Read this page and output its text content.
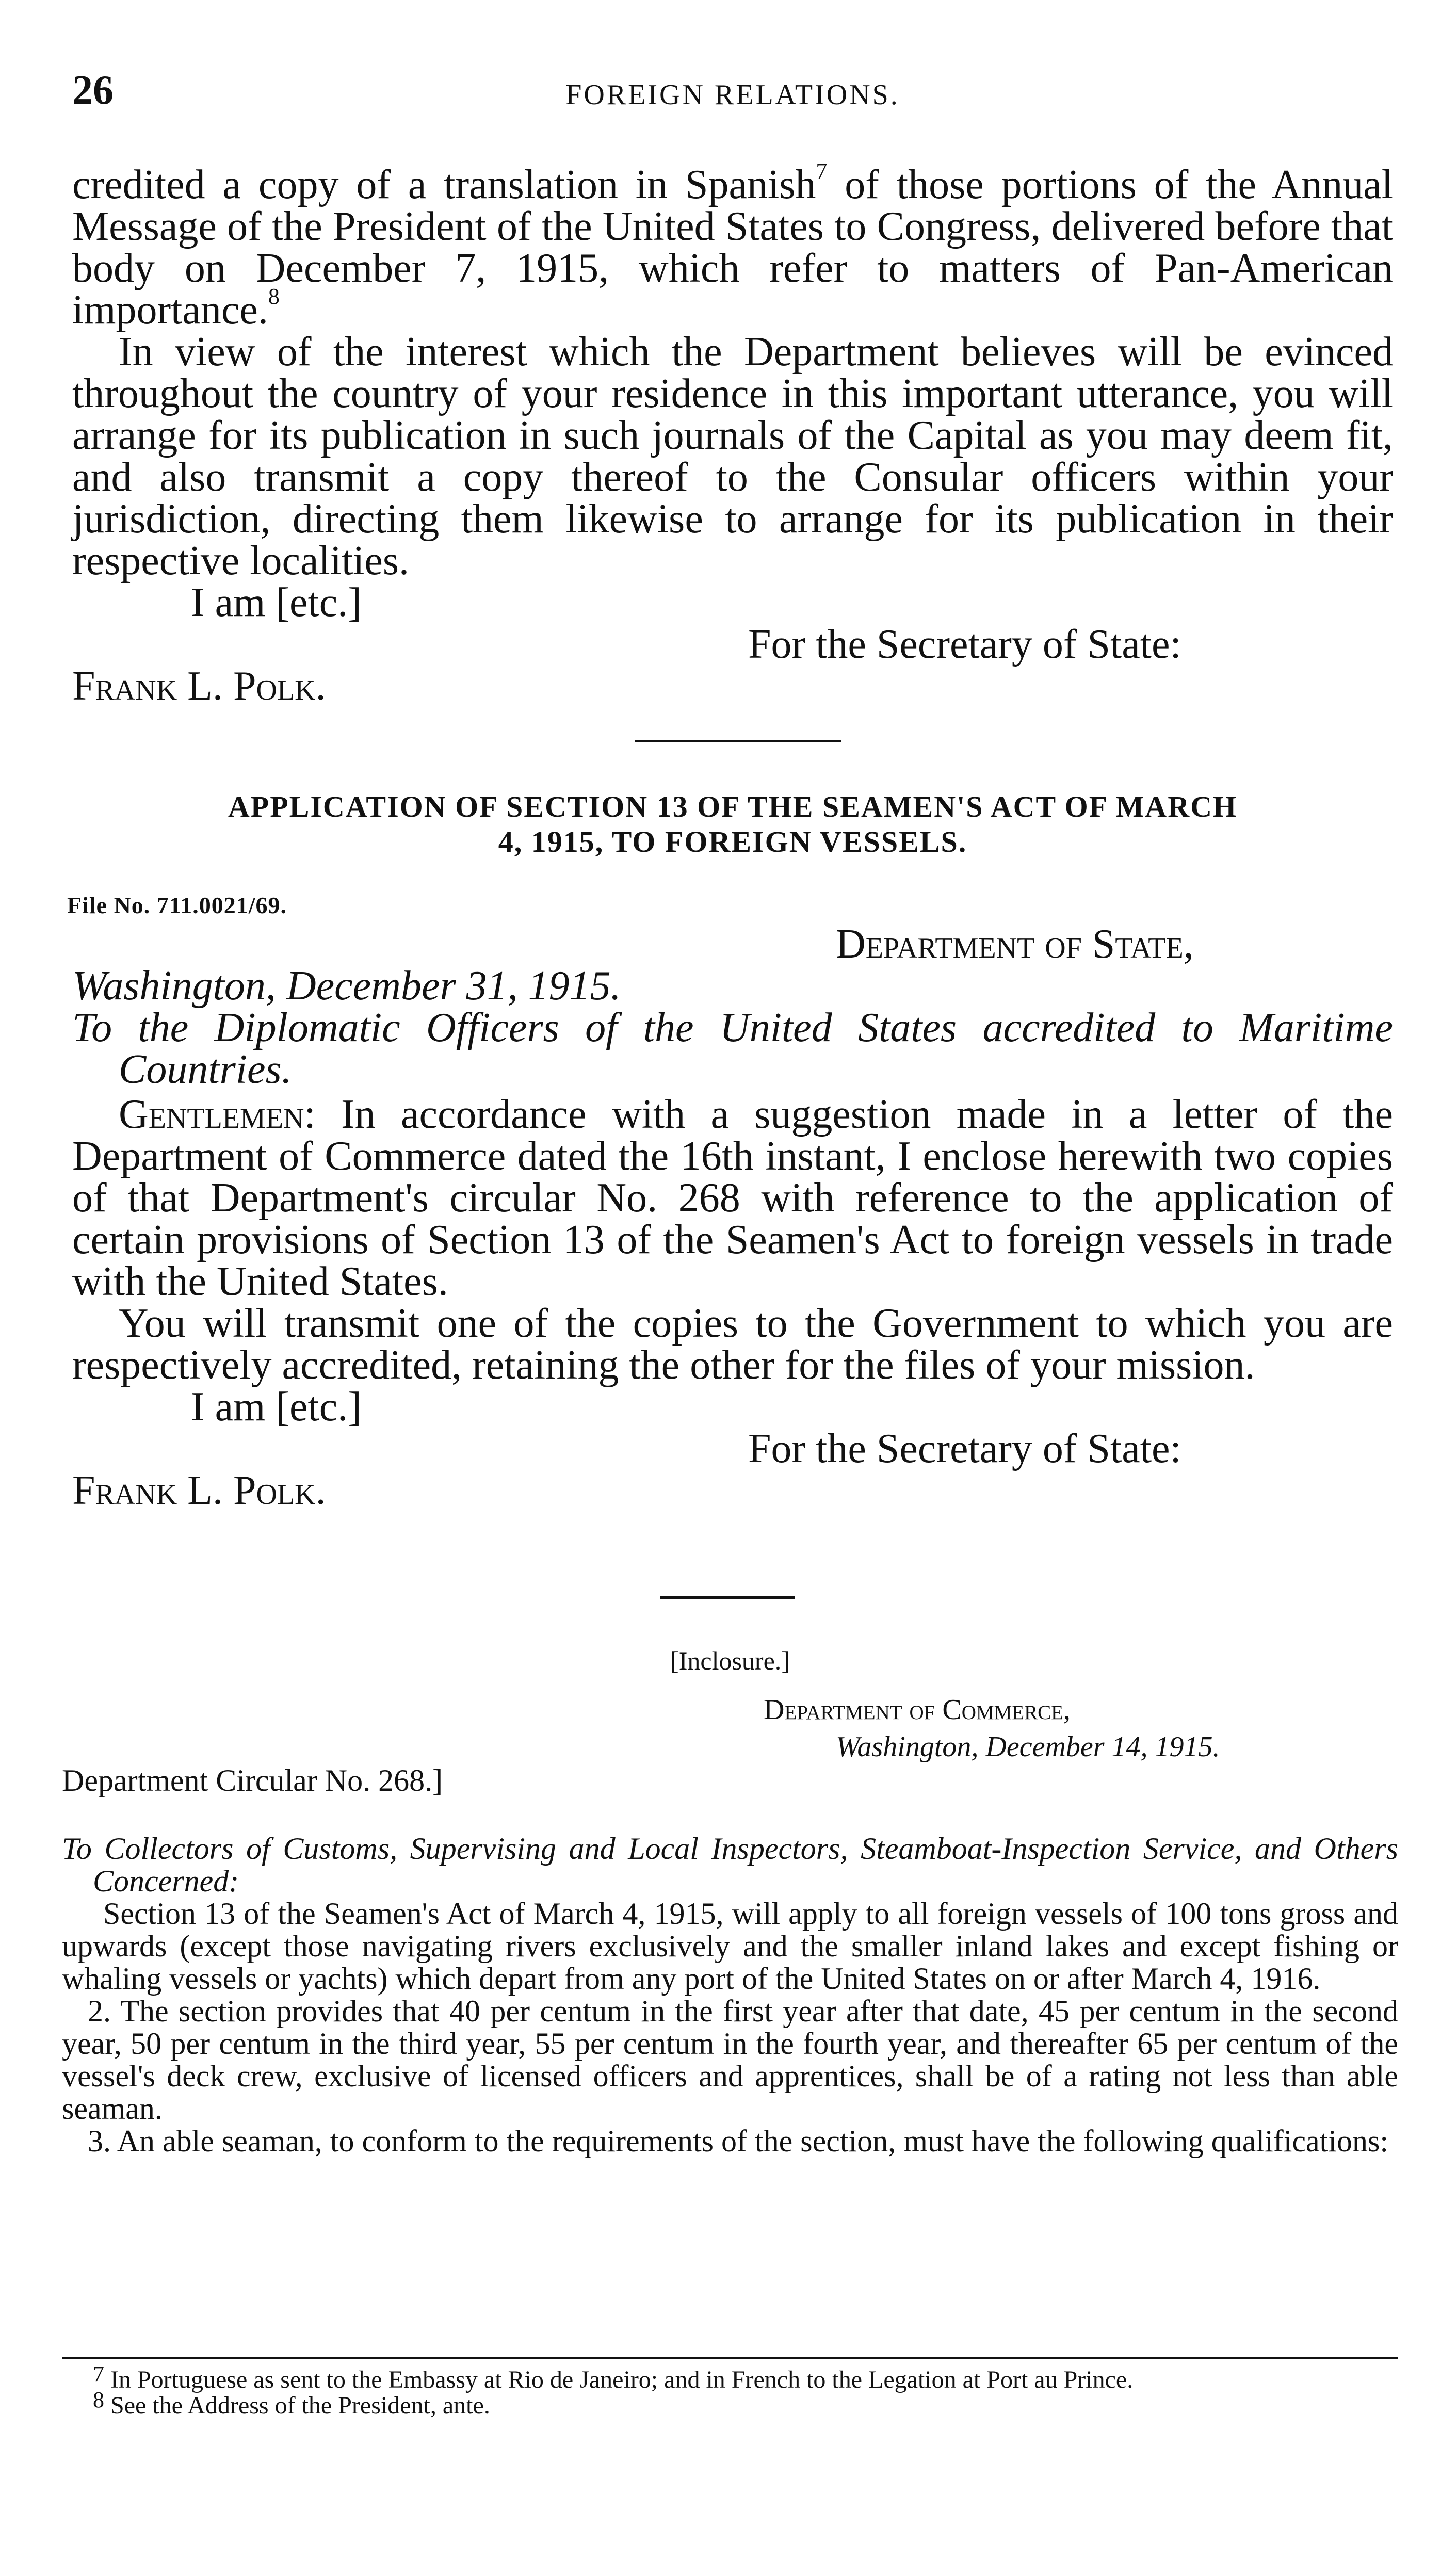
26	FOREIGN RELATIONS.

credited a copy of a translation in Spanish$^7$ of those portions of the Annual Message of the President of the United States to Congress, delivered before that body on December 7, 1915, which refer to matters of Pan-American importance.$^8$

In view of the interest which the Department believes will be evinced throughout the country of your residence in this important utterance, you will arrange for its publication in such journals of the Capital as you may deem fit, and also transmit a copy thereof to the Consular officers within your jurisdiction, directing them likewise to arrange for its publication in their respective localities.

I am [etc.]

For the Secretary of State:

Frank L. Polk.

APPLICATION OF SECTION 13 OF THE SEAMEN'S ACT OF MARCH
4, 1915, TO FOREIGN VESSELS.
File No. 711.0021/69.

Department of State,

Washington, December 31, 1915.

To the Diplomatic Officers of the United States accredited to Maritime Countries.

Gentlemen: In accordance with a suggestion made in a letter of the Department of Commerce dated the 16th instant, I enclose herewith two copies of that Department's circular No. 268 with reference to the application of certain provisions of Section 13 of the Seamen's Act to foreign vessels in trade with the United States.

You will transmit one of the copies to the Government to which you are respectively accredited, retaining the other for the files of your mission.

I am [etc.]

For the Secretary of State:

Frank L. Polk.

[Inclosure.]

Department of Commerce,

Washington, December 14, 1915.

Department Circular No. 268.]

To Collectors of Customs, Supervising and Local Inspectors, Steamboat-Inspection Service, and Others Concerned:

Section 13 of the Seamen's Act of March 4, 1915, will apply to all foreign vessels of 100 tons gross and upwards (except those navigating rivers exclusively and the smaller inland lakes and except fishing or whaling vessels or yachts) which depart from any port of the United States on or after March 4, 1916.

2. The section provides that 40 per centum in the first year after that date, 45 per centum in the second year, 50 per centum in the third year, 55 per centum in the fourth year, and thereafter 65 per centum of the vessel's deck crew, exclusive of licensed officers and apprentices, shall be of a rating not less than able seaman.

3. An able seaman, to conform to the requirements of the section, must have the following qualifications:

$^7$ In Portuguese as sent to the Embassy at Rio de Janeiro; and in French to the Legation at Port au Prince.

$^8$ See the Address of the President, ante.
